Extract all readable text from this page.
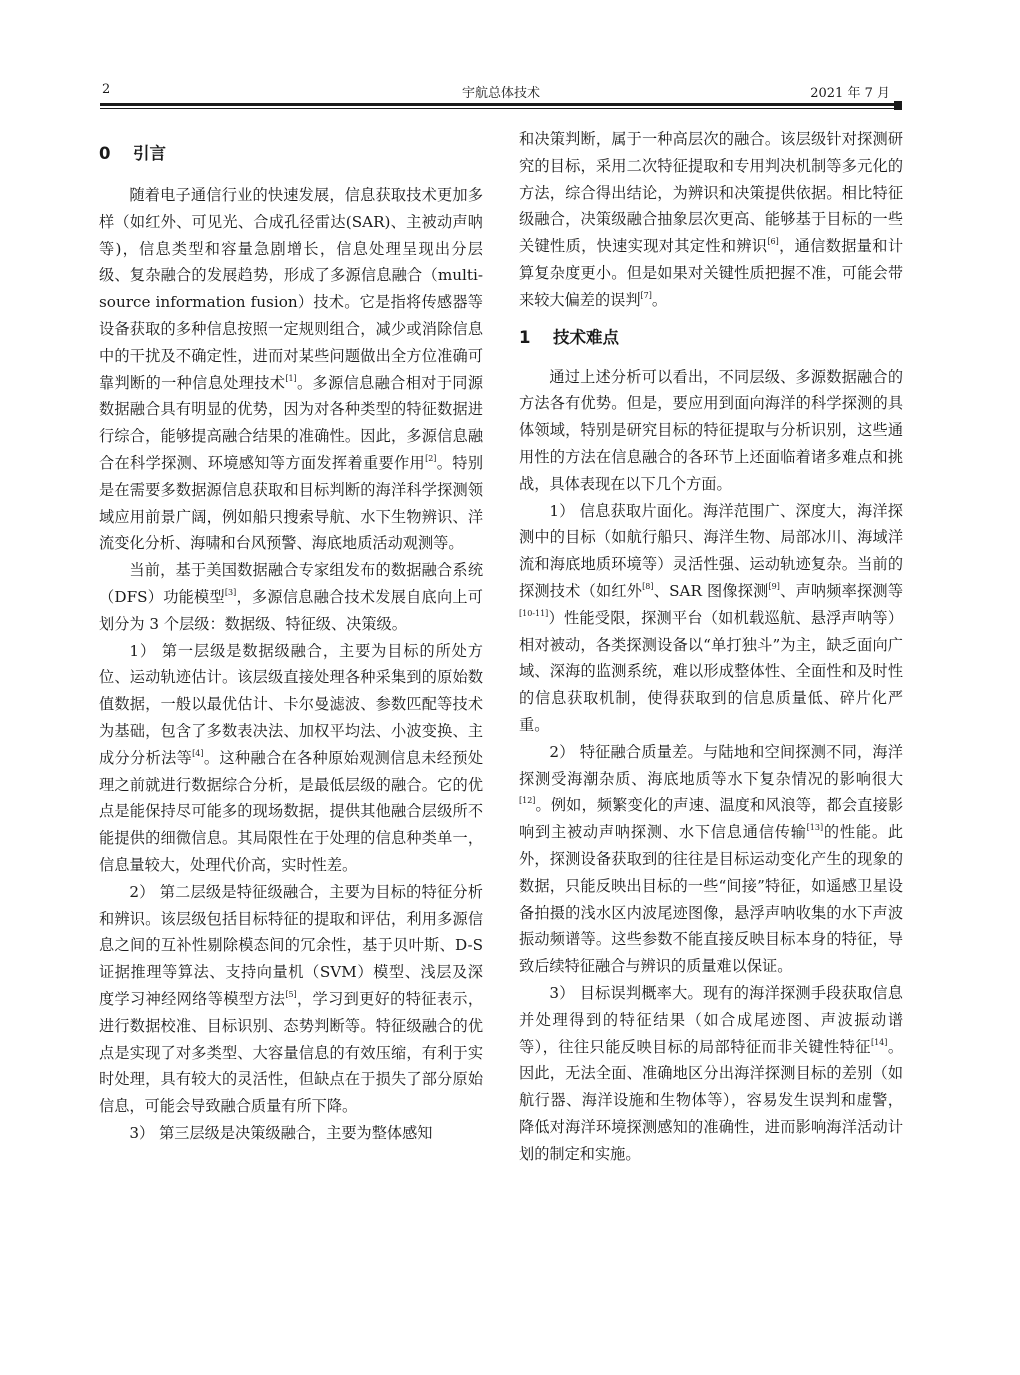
2	宇航总体技术	2021 年 7 月
0 引言

随着电子通信行业的快速发展，信息获取技术更加多样（如红外、可见光、合成孔径雷达(SAR)、主被动声呐等)，信息类型和容量急剧增长，信息处理呈现出分层级、复杂融合的发展趋势，形成了多源信息融合（multi-source information fusion）技术。它是指将传感器等设备获取的多种信息按照一定规则组合，减少或消除信息中的干扰及不确定性，进而对某些问题做出全方位准确可靠判断的一种信息处理技术[1]。多源信息融合相对于同源数据融合具有明显的优势，因为对各种类型的特征数据进行综合，能够提高融合结果的准确性。因此，多源信息融合在科学探测、环境感知等方面发挥着重要作用[2]。特别是在需要多数据源信息获取和目标判断的海洋科学探测领域应用前景广阔，例如船只搜索导航、水下生物辨识、洋流变化分析、海啸和台风预警、海底地质活动观测等。

当前，基于美国数据融合专家组发布的数据融合系统（DFS）功能模型[3]，多源信息融合技术发展自底向上可划分为 3 个层级：数据级、特征级、决策级。

1） 第一层级是数据级融合，主要为目标的所处方位、运动轨迹估计。该层级直接处理各种采集到的原始数值数据，一般以最优估计、卡尔曼滤波、参数匹配等技术为基础，包含了多数表决法、加权平均法、小波变换、主成分分析法等[4]。这种融合在各种原始观测信息未经预处理之前就进行数据综合分析，是最低层级的融合。它的优点是能保持尽可能多的现场数据，提供其他融合层级所不能提供的细微信息。其局限性在于处理的信息种类单一，信息量较大，处理代价高，实时性差。

2） 第二层级是特征级融合，主要为目标的特征分析和辨识。该层级包括目标特征的提取和评估，利用多源信息之间的互补性剔除模态间的冗余性，基于贝叶斯、D-S 证据推理等算法、支持向量机（SVM）模型、浅层及深度学习神经网络等模型方法[5]，学习到更好的特征表示，进行数据校准、目标识别、态势判断等。特征级融合的优点是实现了对多类型、大容量信息的有效压缩，有利于实时处理，具有较大的灵活性，但缺点在于损失了部分原始信息，可能会导致融合质量有所下降。

3） 第三层级是决策级融合，主要为整体感知

和决策判断，属于一种高层次的融合。该层级针对探测研究的目标，采用二次特征提取和专用判决机制等多元化的方法，综合得出结论，为辨识和决策提供依据。相比特征级融合，决策级融合抽象层次更高、能够基于目标的一些关键性质，快速实现对其定性和辨识[6]，通信数据量和计算复杂度更小。但是如果对关键性质把握不准，可能会带来较大偏差的误判[7]。

1 技术难点

通过上述分析可以看出，不同层级、多源数据融合的方法各有优势。但是，要应用到面向海洋的科学探测的具体领域，特别是研究目标的特征提取与分析识别，这些通用性的方法在信息融合的各环节上还面临着诸多难点和挑战，具体表现在以下几个方面。

1） 信息获取片面化。海洋范围广、深度大，海洋探测中的目标（如航行船只、海洋生物、局部冰川、海域洋流和海底地质环境等）灵活性强、运动轨迹复杂。当前的探测技术（如红外[8]、SAR 图像探测[9]、声呐频率探测等[10-11]）性能受限，探测平台（如机载巡航、悬浮声呐等）相对被动，各类探测设备以“单打独斗”为主，缺乏面向广域、深海的监测系统，难以形成整体性、全面性和及时性的信息获取机制，使得获取到的信息质量低、碎片化严重。

2） 特征融合质量差。与陆地和空间探测不同，海洋探测受海潮杂质、海底地质等水下复杂情况的影响很大[12]。例如，频繁变化的声速、温度和风浪等，都会直接影响到主被动声呐探测、水下信息通信传输[13]的性能。此外，探测设备获取到的往往是目标运动变化产生的现象的数据，只能反映出目标的一些“间接”特征，如遥感卫星设备拍摄的浅水区内波尾迹图像，悬浮声呐收集的水下声波振动频谱等。这些参数不能直接反映目标本身的特征，导致后续特征融合与辨识的质量难以保证。

3） 目标误判概率大。现有的海洋探测手段获取信息并处理得到的特征结果（如合成尾迹图、声波振动谱等），往往只能反映目标的局部特征而非关键性特征[14]。因此，无法全面、准确地区分出海洋探测目标的差别（如航行器、海洋设施和生物体等），容易发生误判和虚警，降低对海洋环境探测感知的准确性，进而影响海洋活动计划的制定和实施。
